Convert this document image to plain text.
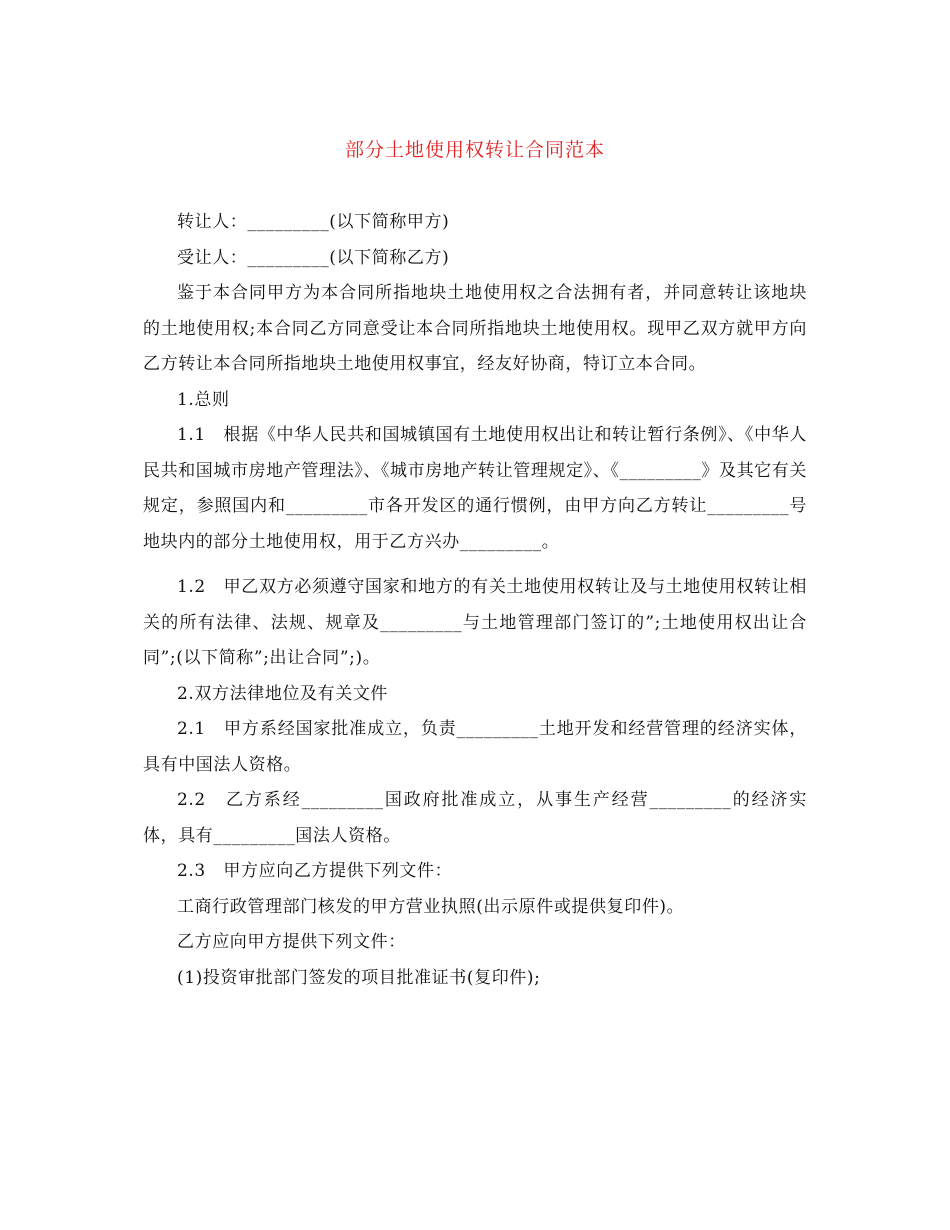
部分土地使用权转让合同范本

转让人：_________(以下简称甲方)

受让人：_________(以下简称乙方)

鉴于本合同甲方为本合同所指地块土地使用权之合法拥有者，并同意转让该地块的土地使用权;本合同乙方同意受让本合同所指地块土地使用权。现甲乙双方就甲方向乙方转让本合同所指地块土地使用权事宜，经友好协商，特订立本合同。

1.总则

1.1　根据《中华人民共和国城镇国有土地使用权出让和转让暂行条例》、《中华人民共和国城市房地产管理法》、《城市房地产转让管理规定》、《_________》及其它有关规定，参照国内和_________市各开发区的通行惯例，由甲方向乙方转让_________号地块内的部分土地使用权，用于乙方兴办_________。

1.2　甲乙双方必须遵守国家和地方的有关土地使用权转让及与土地使用权转让相关的所有法律、法规、规章及_________与土地管理部门签订的”;土地使用权出让合同”;(以下简称”;出让合同”;)。

2.双方法律地位及有关文件

2.1　甲方系经国家批准成立，负责_________土地开发和经营管理的经济实体，具有中国法人资格。

2.2　乙方系经_________国政府批准成立，从事生产经营_________的经济实体，具有_________国法人资格。

2.3　甲方应向乙方提供下列文件：

工商行政管理部门核发的甲方营业执照(出示原件或提供复印件)。

乙方应向甲方提供下列文件：

(1)投资审批部门签发的项目批准证书(复印件);
